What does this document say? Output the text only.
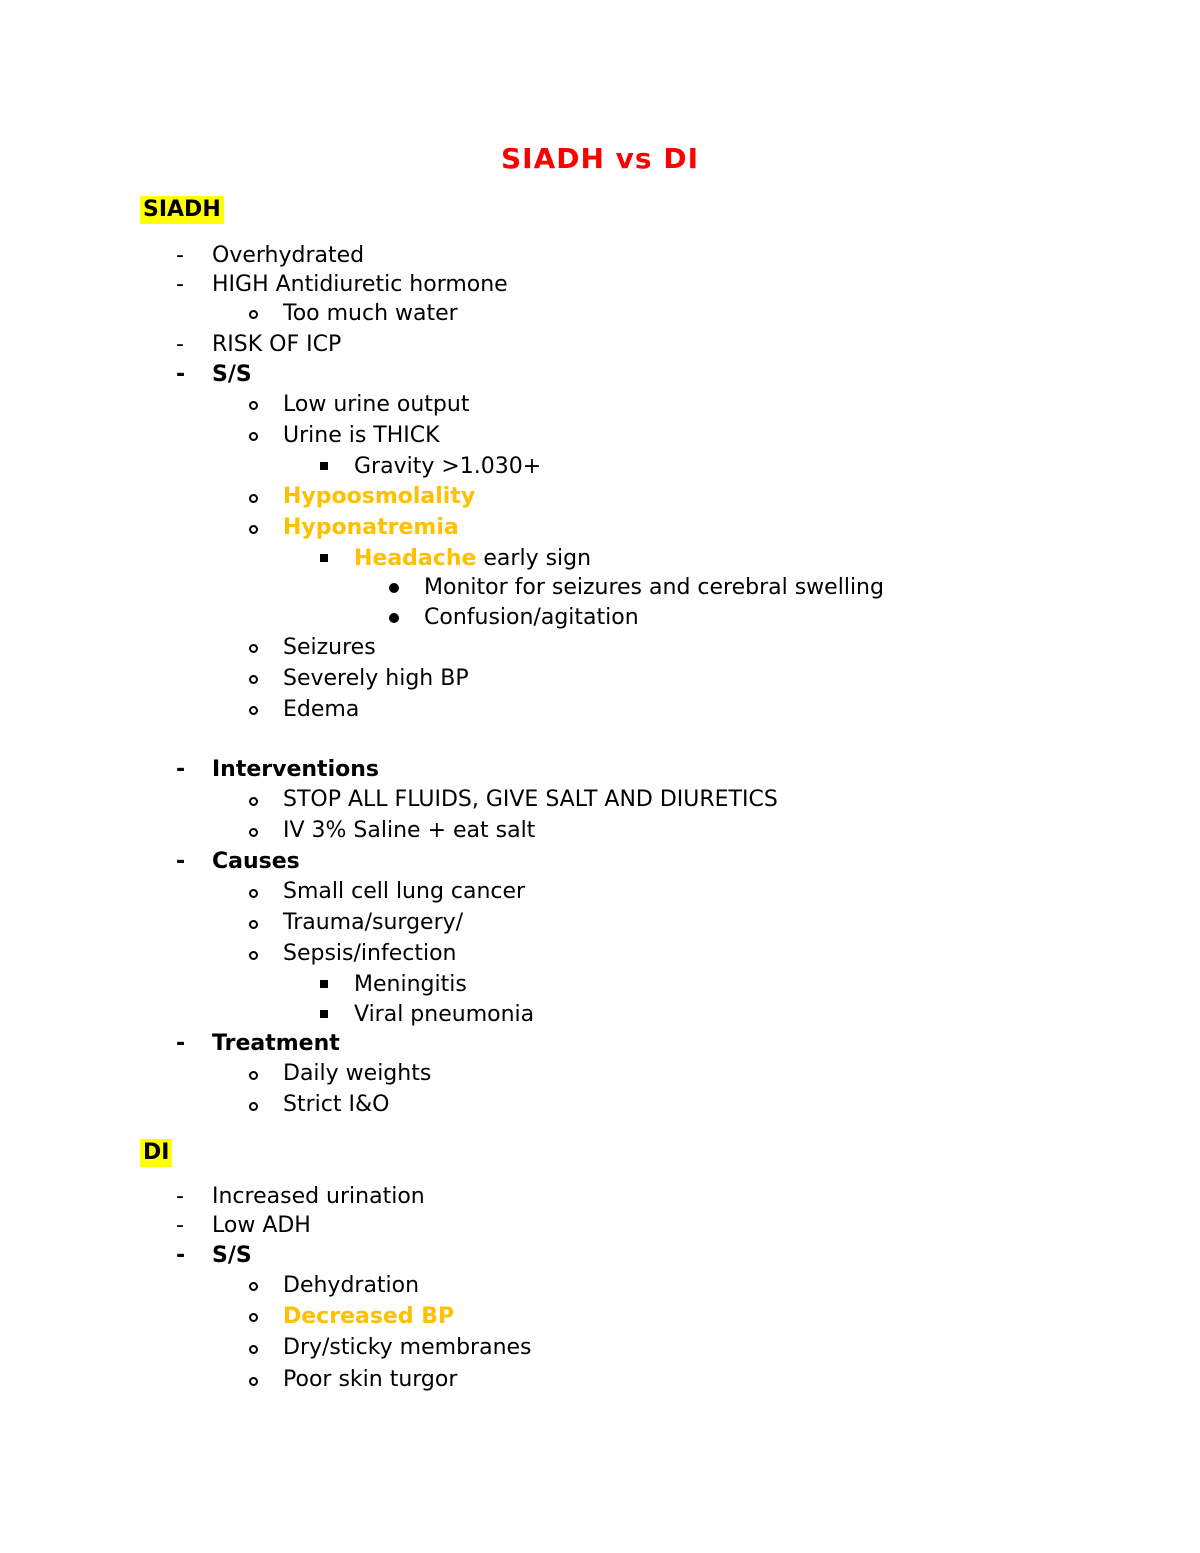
SIADH vs DI
SIADH
- Overhydrated
- HIGH Antidiuretic hormone
Too much water
- RISK OF ICP
- S/S
Low urine output
Urine is THICK
Gravity >1.030+
Hypoosmolality
Hyponatremia
Headache early sign
Monitor for seizures and cerebral swelling
Confusion/agitation
Seizures
Severely high BP
Edema
- Interventions
STOP ALL FLUIDS, GIVE SALT AND DIURETICS
IV 3% Saline + eat salt
- Causes
Small cell lung cancer
Trauma/surgery/
Sepsis/infection
Meningitis
Viral pneumonia
- Treatment
Daily weights
Strict I&O
DI
- Increased urination
- Low ADH
- S/S
Dehydration
Decreased BP
Dry/sticky membranes
Poor skin turgor
